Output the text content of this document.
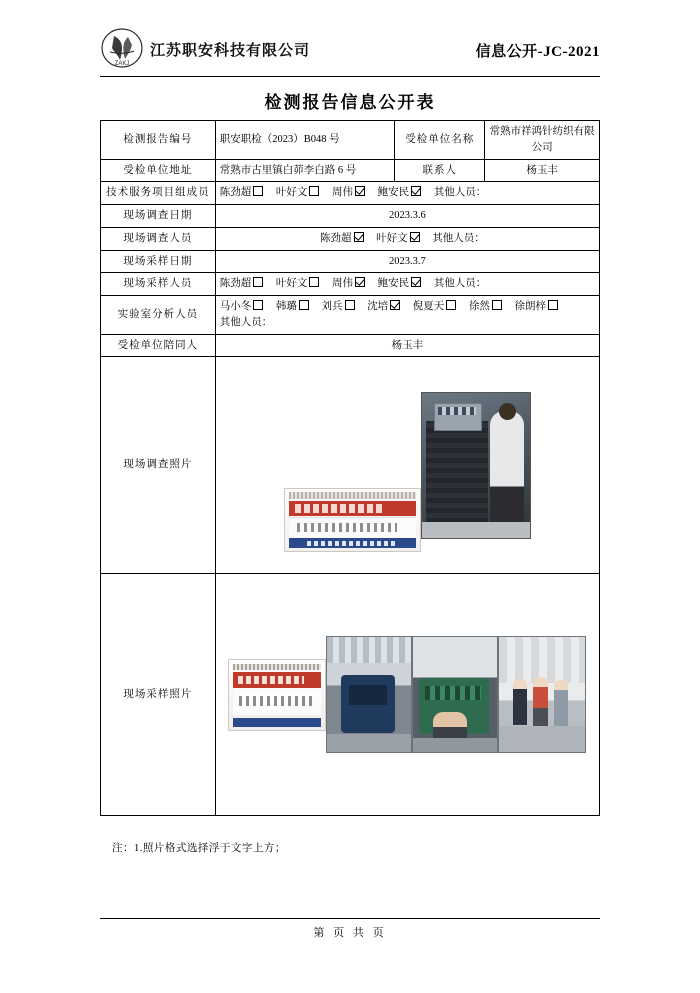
ZAKJ
江苏职安科技有限公司	信息公开-JC-2021
检测报告信息公开表
检测报告编号	职安职检（2023）B048 号	受检单位名称	常熟市祥鸿针纺织有限公司
受检单位地址	常熟市古里镇白茆李白路 6 号	联系人	杨玉丰
技术服务项目组成员	陈劲超 叶好文 周伟 鲍安民 其他人员：		
现场调查日期	2023.3.6		
现场调查人员	陈劲超 叶好文 其他人员：		
现场采样日期	2023.3.7		
现场采样人员	陈劲超 叶好文 周伟 鲍安民 其他人员：		
实验室分析人员	马小冬 韩璐 刘兵 沈培 倪夏天 徐然 徐朗梓
其他人员：		

受检单位陪同人	杨玉丰		
现场调查照片			

现场采样照片			
注：1.照片格式选择浮于文字上方；
第 页 共 页
